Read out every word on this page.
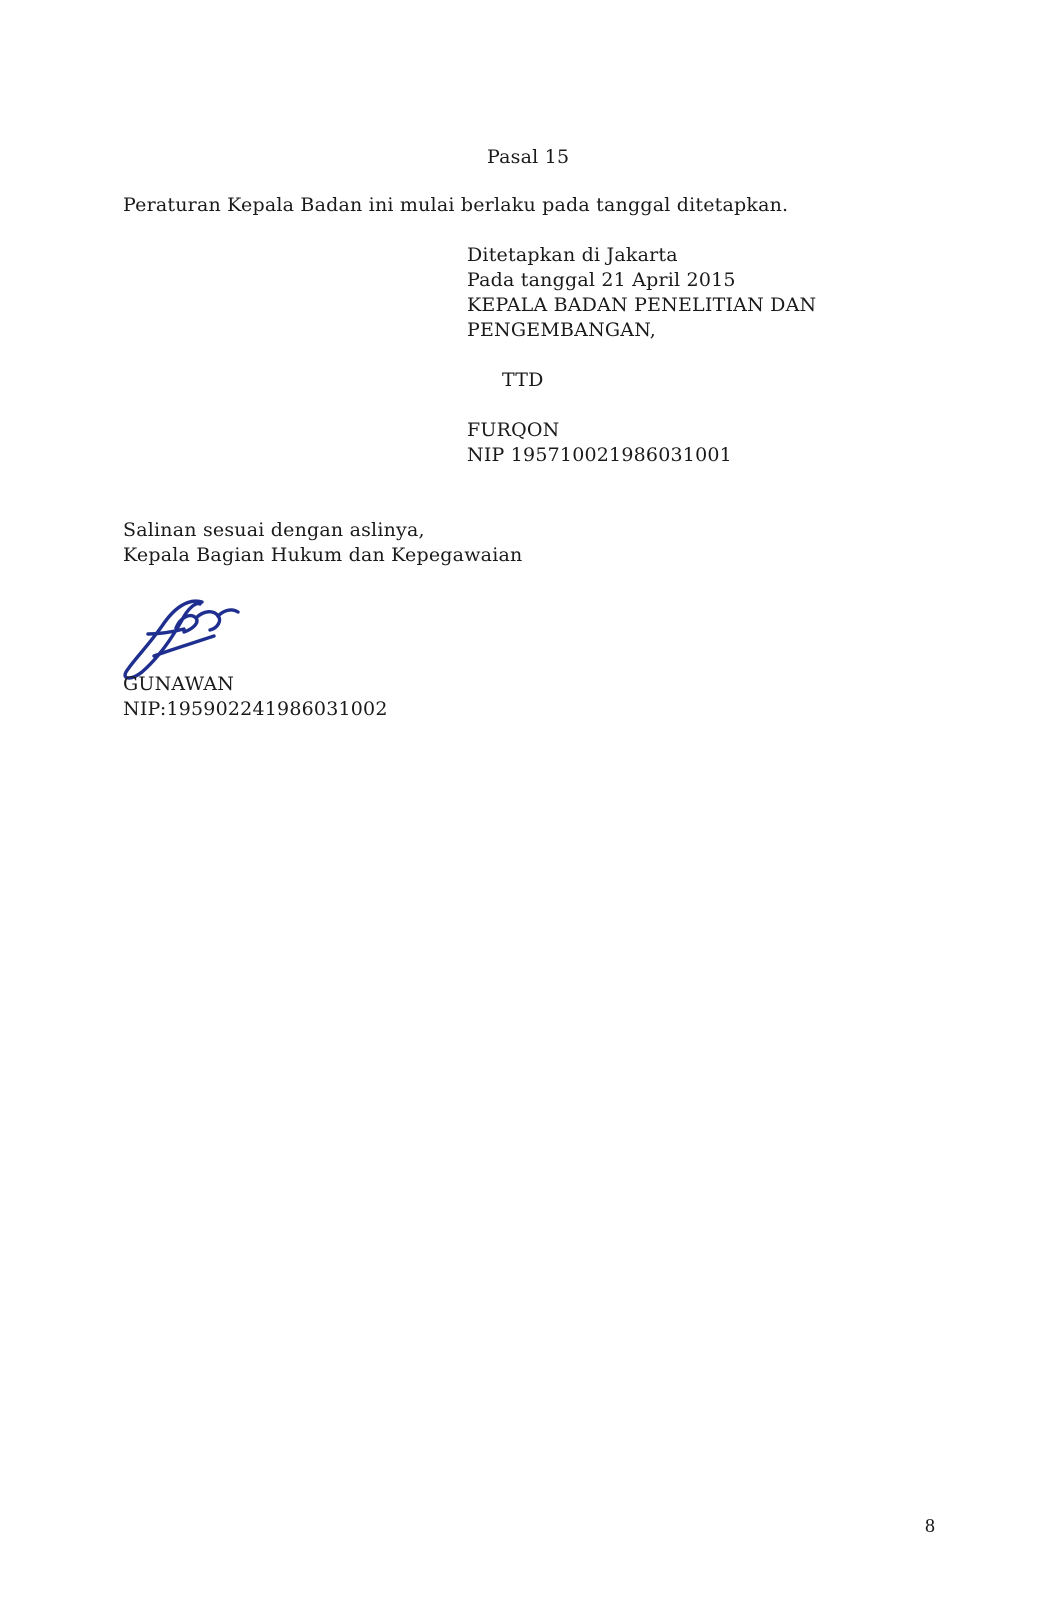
Pasal 15
Peraturan Kepala Badan ini mulai berlaku pada tanggal ditetapkan.
Ditetapkan di Jakarta
Pada tanggal 21 April 2015
KEPALA BADAN PENELITIAN DAN
PENGEMBANGAN,
TTD
FURQON
NIP 195710021986031001
Salinan sesuai dengan aslinya,
Kepala Bagian Hukum dan Kepegawaian
GUNAWAN
NIP:195902241986031002
8
